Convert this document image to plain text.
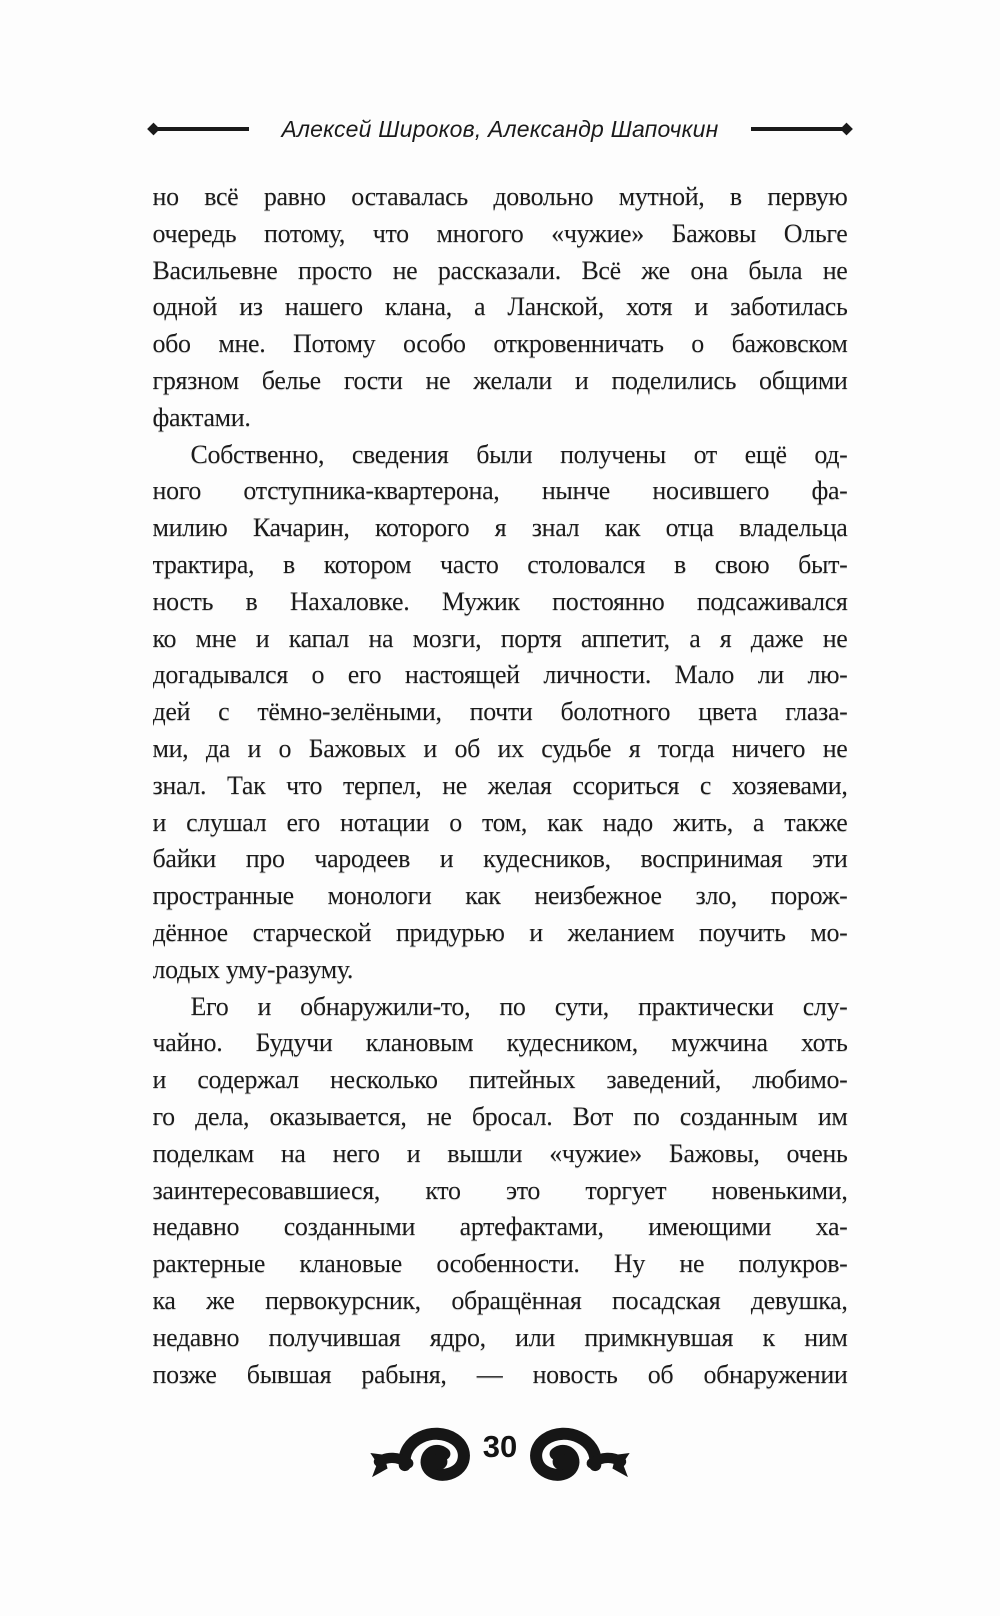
Алексей Широков, Александр Шапочкин
но всё равно оставалась довольно мутной, в первую
очередь потому, что многого «чужие» Бажовы Ольге
Васильевне просто не рассказали. Всё же она была не
одной из нашего клана, а Ланской, хотя и заботилась
обо мне. Потому особо откровенничать о бажовском
грязном белье гости не желали и поделились общими
фактами.
Собственно, сведения были получены от ещё од-
ного отступника-квартерона, нынче носившего фа-
милию Качарин, которого я знал как отца владельца
трактира, в котором часто столовался в свою быт-
ность в Нахаловке. Мужик постоянно подсаживался
ко мне и капал на мозги, портя аппетит, а я даже не
догадывался о его настоящей личности. Мало ли лю-
дей с тёмно-зелёными, почти болотного цвета глаза-
ми, да и о Бажовых и об их судьбе я тогда ничего не
знал. Так что терпел, не желая ссориться с хозяевами,
и слушал его нотации о том, как надо жить, а также
байки про чародеев и кудесников, воспринимая эти
пространные монологи как неизбежное зло, порож-
дённое старческой придурью и желанием поучить мо-
лодых уму-разуму.
Его и обнаружили-то, по сути, практически слу-
чайно. Будучи клановым кудесником, мужчина хоть
и содержал несколько питейных заведений, любимо-
го дела, оказывается, не бросал. Вот по созданным им
поделкам на него и вышли «чужие» Бажовы, очень
заинтересовавшиеся, кто это торгует новенькими,
недавно созданными артефактами, имеющими ха-
рактерные клановые особенности. Ну не полукров-
ка же первокурсник, обращённая посадская девушка,
недавно получившая ядро, или примкнувшая к ним
позже бывшая рабыня, — новость об обнаружении
30
